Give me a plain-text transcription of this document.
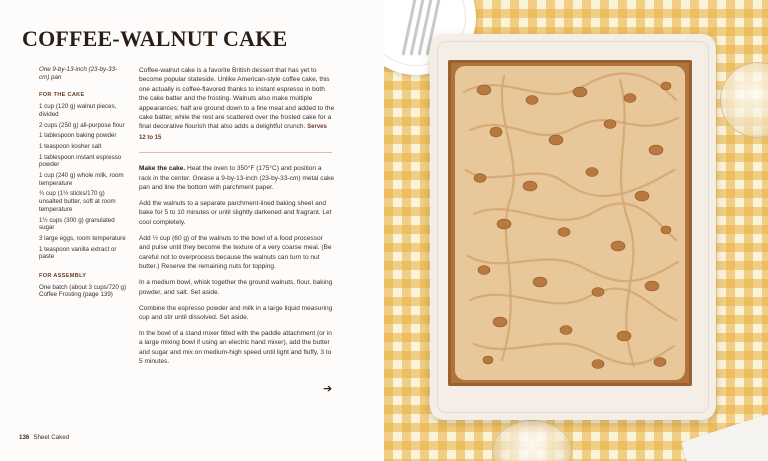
COFFEE-WALNUT CAKE
One 9-by-13-inch (23-by-33-cm) pan
FOR THE CAKE
1 cup (120 g) walnut pieces, divided
2 cups (250 g) all-purpose flour
1 tablespoon baking powder
1 teaspoon kosher salt
1 tablespoon instant espresso powder
1 cup (240 g) whole milk, room temperature
¾ cup (1½ sticks/170 g) unsalted butter, soft at room temperature
1½ cups (300 g) granulated sugar
3 large eggs, room temperature
1 teaspoon vanilla extract or paste
FOR ASSEMBLY
One batch (about 3 cups/720 g) Coffee Frosting (page 139)

Coffee-walnut cake is a favorite British dessert that has yet to become popular stateside. Unlike American-style coffee cake, this one actually is coffee-flavored thanks to instant espresso in both the cake batter and the frosting. Walnuts also make multiple appearances; half are ground down to a fine meal and added to the cake batter, while the rest are scattered over the frosted cake for a final decorative flourish that also adds a delightful crunch. Serves 12 to 15

Make the cake. Heat the oven to 350°F (175°C) and position a rack in the center. Grease a 9-by-13-inch (23-by-33-cm) metal cake pan and line the bottom with parchment paper.

Add the walnuts to a separate parchment-lined baking sheet and bake for 5 to 10 minutes or until slightly darkened and fragrant. Let cool completely.

Add ½ cup (60 g) of the walnuts to the bowl of a food processor and pulse until they become the texture of a very coarse meal. (Be careful not to overprocess because the walnuts can turn to nut butter.) Reserve the remaining nuts for topping.

In a medium bowl, whisk together the ground walnuts, flour, baking powder, and salt. Set aside.

Combine the espresso powder and milk in a large liquid measuring cup and stir until dissolved. Set aside.

In the bowl of a stand mixer fitted with the paddle attachment (or in a large mixing bowl if using an electric hand mixer), add the butter and sugar and mix on medium-high speed until light and fluffy, 3 to 5 minutes.

➔
136 Sheet Caked
